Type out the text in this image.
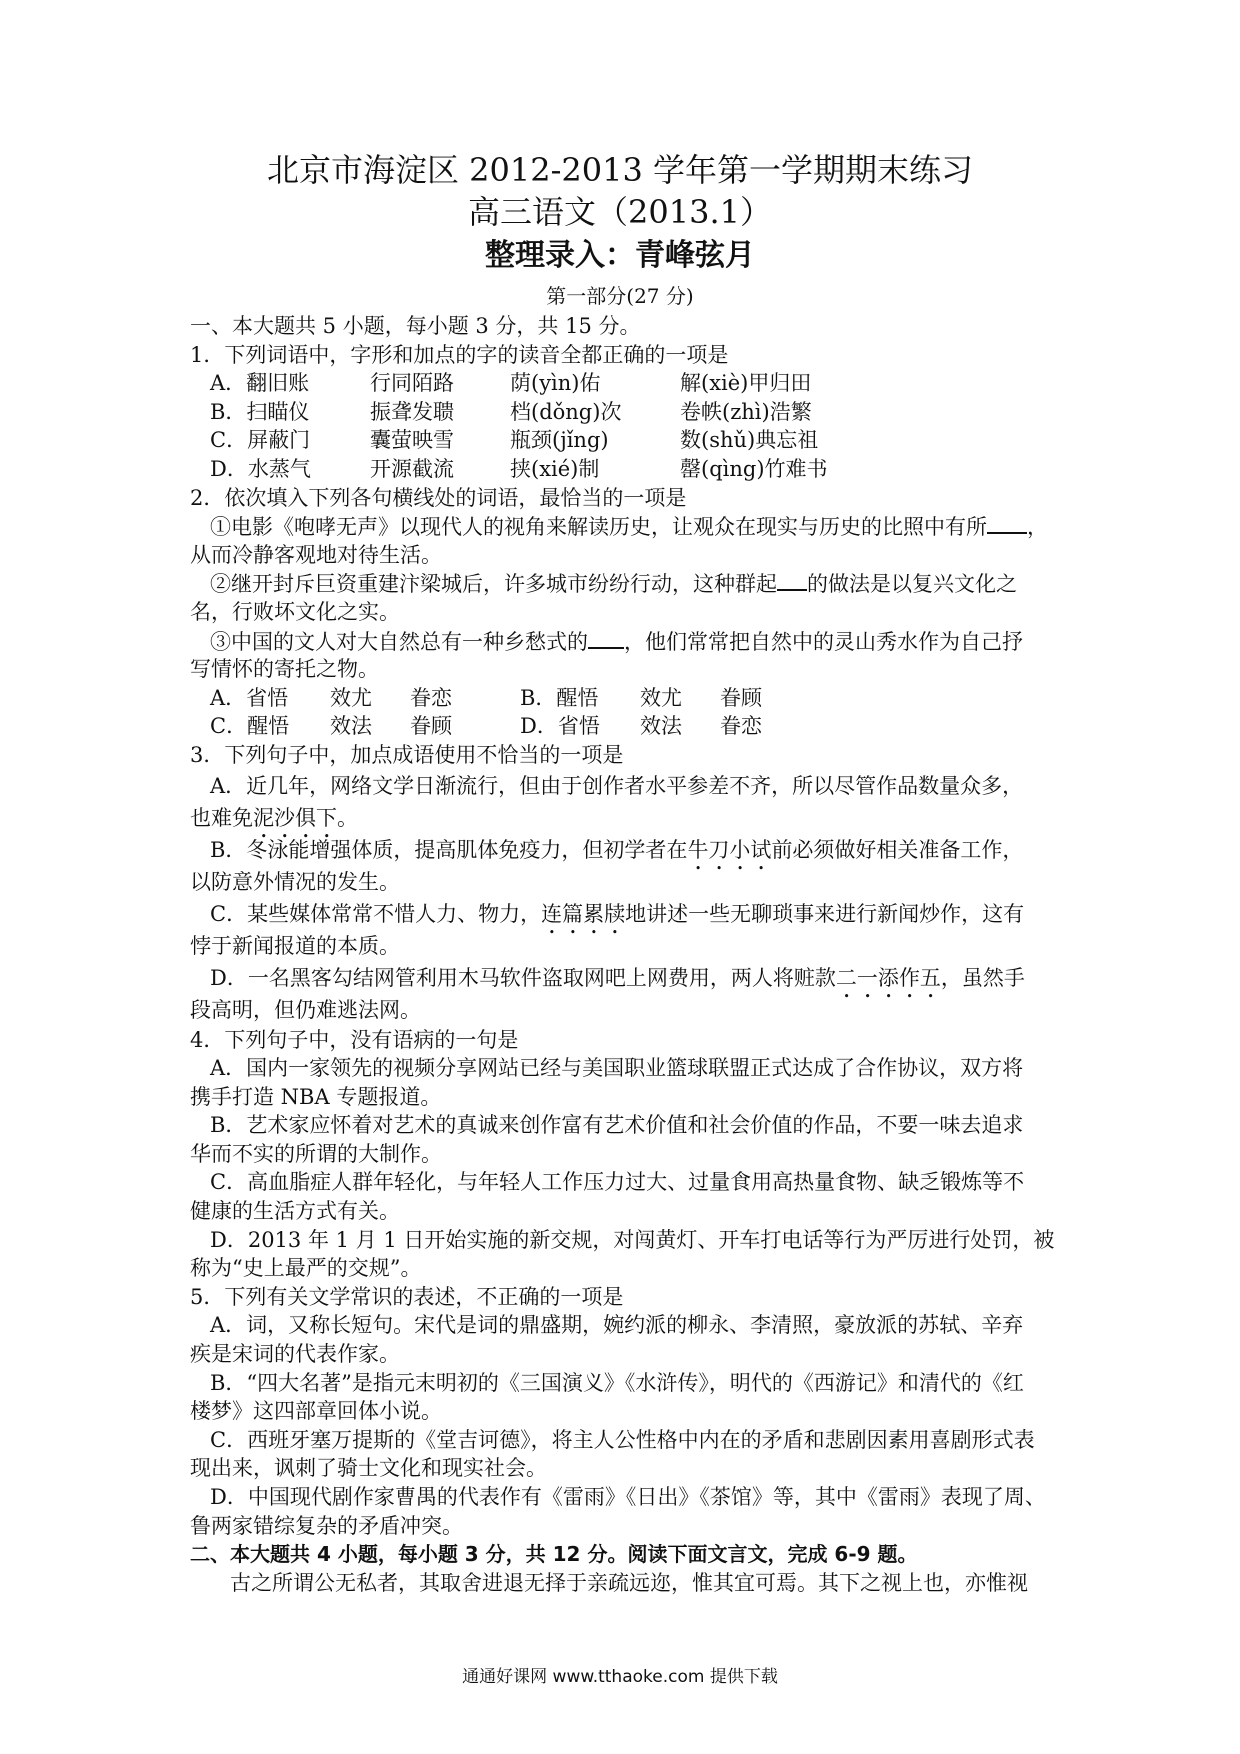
北京市海淀区 2012-2013 学年第一学期期末练习
高三语文（2013.1）
整理录入：青峰弦月
第一部分(27 分)
一、本大题共 5 小题，每小题 3 分，共 15 分。
1．下列词语中，字形和加点的字的读音全都正确的一项是
A．翻旧账	行同陌路	荫(yìn)佑	解(xiè)甲归田
B．扫瞄仪	振聋发聩	档(dǒng)次	卷帙(zhì)浩繁
C．屏蔽门	囊萤映雪	瓶颈(jǐng)	数(shǔ)典忘祖
D．水蒸气	开源截流	挟(xié)制	罄(qìng)竹难书
2．依次填入下列各句横线处的词语，最恰当的一项是
①电影《咆哮无声》以现代人的视角来解读历史，让观众在现实与历史的比照中有所 ，
从而冷静客观地对待生活。
②继开封斥巨资重建汴梁城后，许多城市纷纷行动，这种群起 的做法是以复兴文化之
名，行败坏文化之实。
③中国的文人对大自然总有一种乡愁式的 ，他们常常把自然中的灵山秀水作为自己抒
写情怀的寄托之物。
A．省悟 效尤 眷恋	B．醒悟 效尤 眷顾
C．醒悟 效法 眷顾	D．省悟 效法 眷恋
3．下列句子中，加点成语使用不恰当的一项是
A．近几年，网络文学日渐流行，但由于创作者水平参差不齐，所以尽管作品数量众多，
也难免泥沙俱下。
B．冬泳能增强体质，提高肌体免疫力，但初学者在牛刀小试前必须做好相关准备工作，
以防意外情况的发生。
C．某些媒体常常不惜人力、物力，连篇累牍地讲述一些无聊琐事来进行新闻炒作，这有
悖于新闻报道的本质。
D．一名黑客勾结网管利用木马软件盗取网吧上网费用，两人将赃款二一添作五，虽然手
段高明，但仍难逃法网。
4．下列句子中，没有语病的一句是
A．国内一家领先的视频分享网站已经与美国职业篮球联盟正式达成了合作协议，双方将
携手打造 NBA 专题报道。
B．艺术家应怀着对艺术的真诚来创作富有艺术价值和社会价值的作品，不要一味去追求
华而不实的所谓的大制作。
C．高血脂症人群年轻化，与年轻人工作压力过大、过量食用高热量食物、缺乏锻炼等不
健康的生活方式有关。
D．2013 年 1 月 1 日开始实施的新交规，对闯黄灯、开车打电话等行为严厉进行处罚，被
称为“史上最严的交规”。
5．下列有关文学常识的表述，不正确的一项是
A．词，又称长短句。宋代是词的鼎盛期，婉约派的柳永、李清照，豪放派的苏轼、辛弃
疾是宋词的代表作家。
B．“四大名著”是指元末明初的《三国演义》《水浒传》，明代的《西游记》和清代的《红
楼梦》这四部章回体小说。
C．西班牙塞万提斯的《堂吉诃德》，将主人公性格中内在的矛盾和悲剧因素用喜剧形式表
现出来，讽刺了骑士文化和现实社会。
D．中国现代剧作家曹禺的代表作有《雷雨》《日出》《茶馆》等，其中《雷雨》表现了周、
鲁两家错综复杂的矛盾冲突。
二、本大题共 4 小题，每小题 3 分，共 12 分。阅读下面文言文，完成 6-9 题。
古之所谓公无私者，其取舍进退无择于亲疏远迩，惟其宜可焉。其下之视上也，亦惟视
通通好课网 www.tthaoke.com 提供下载
